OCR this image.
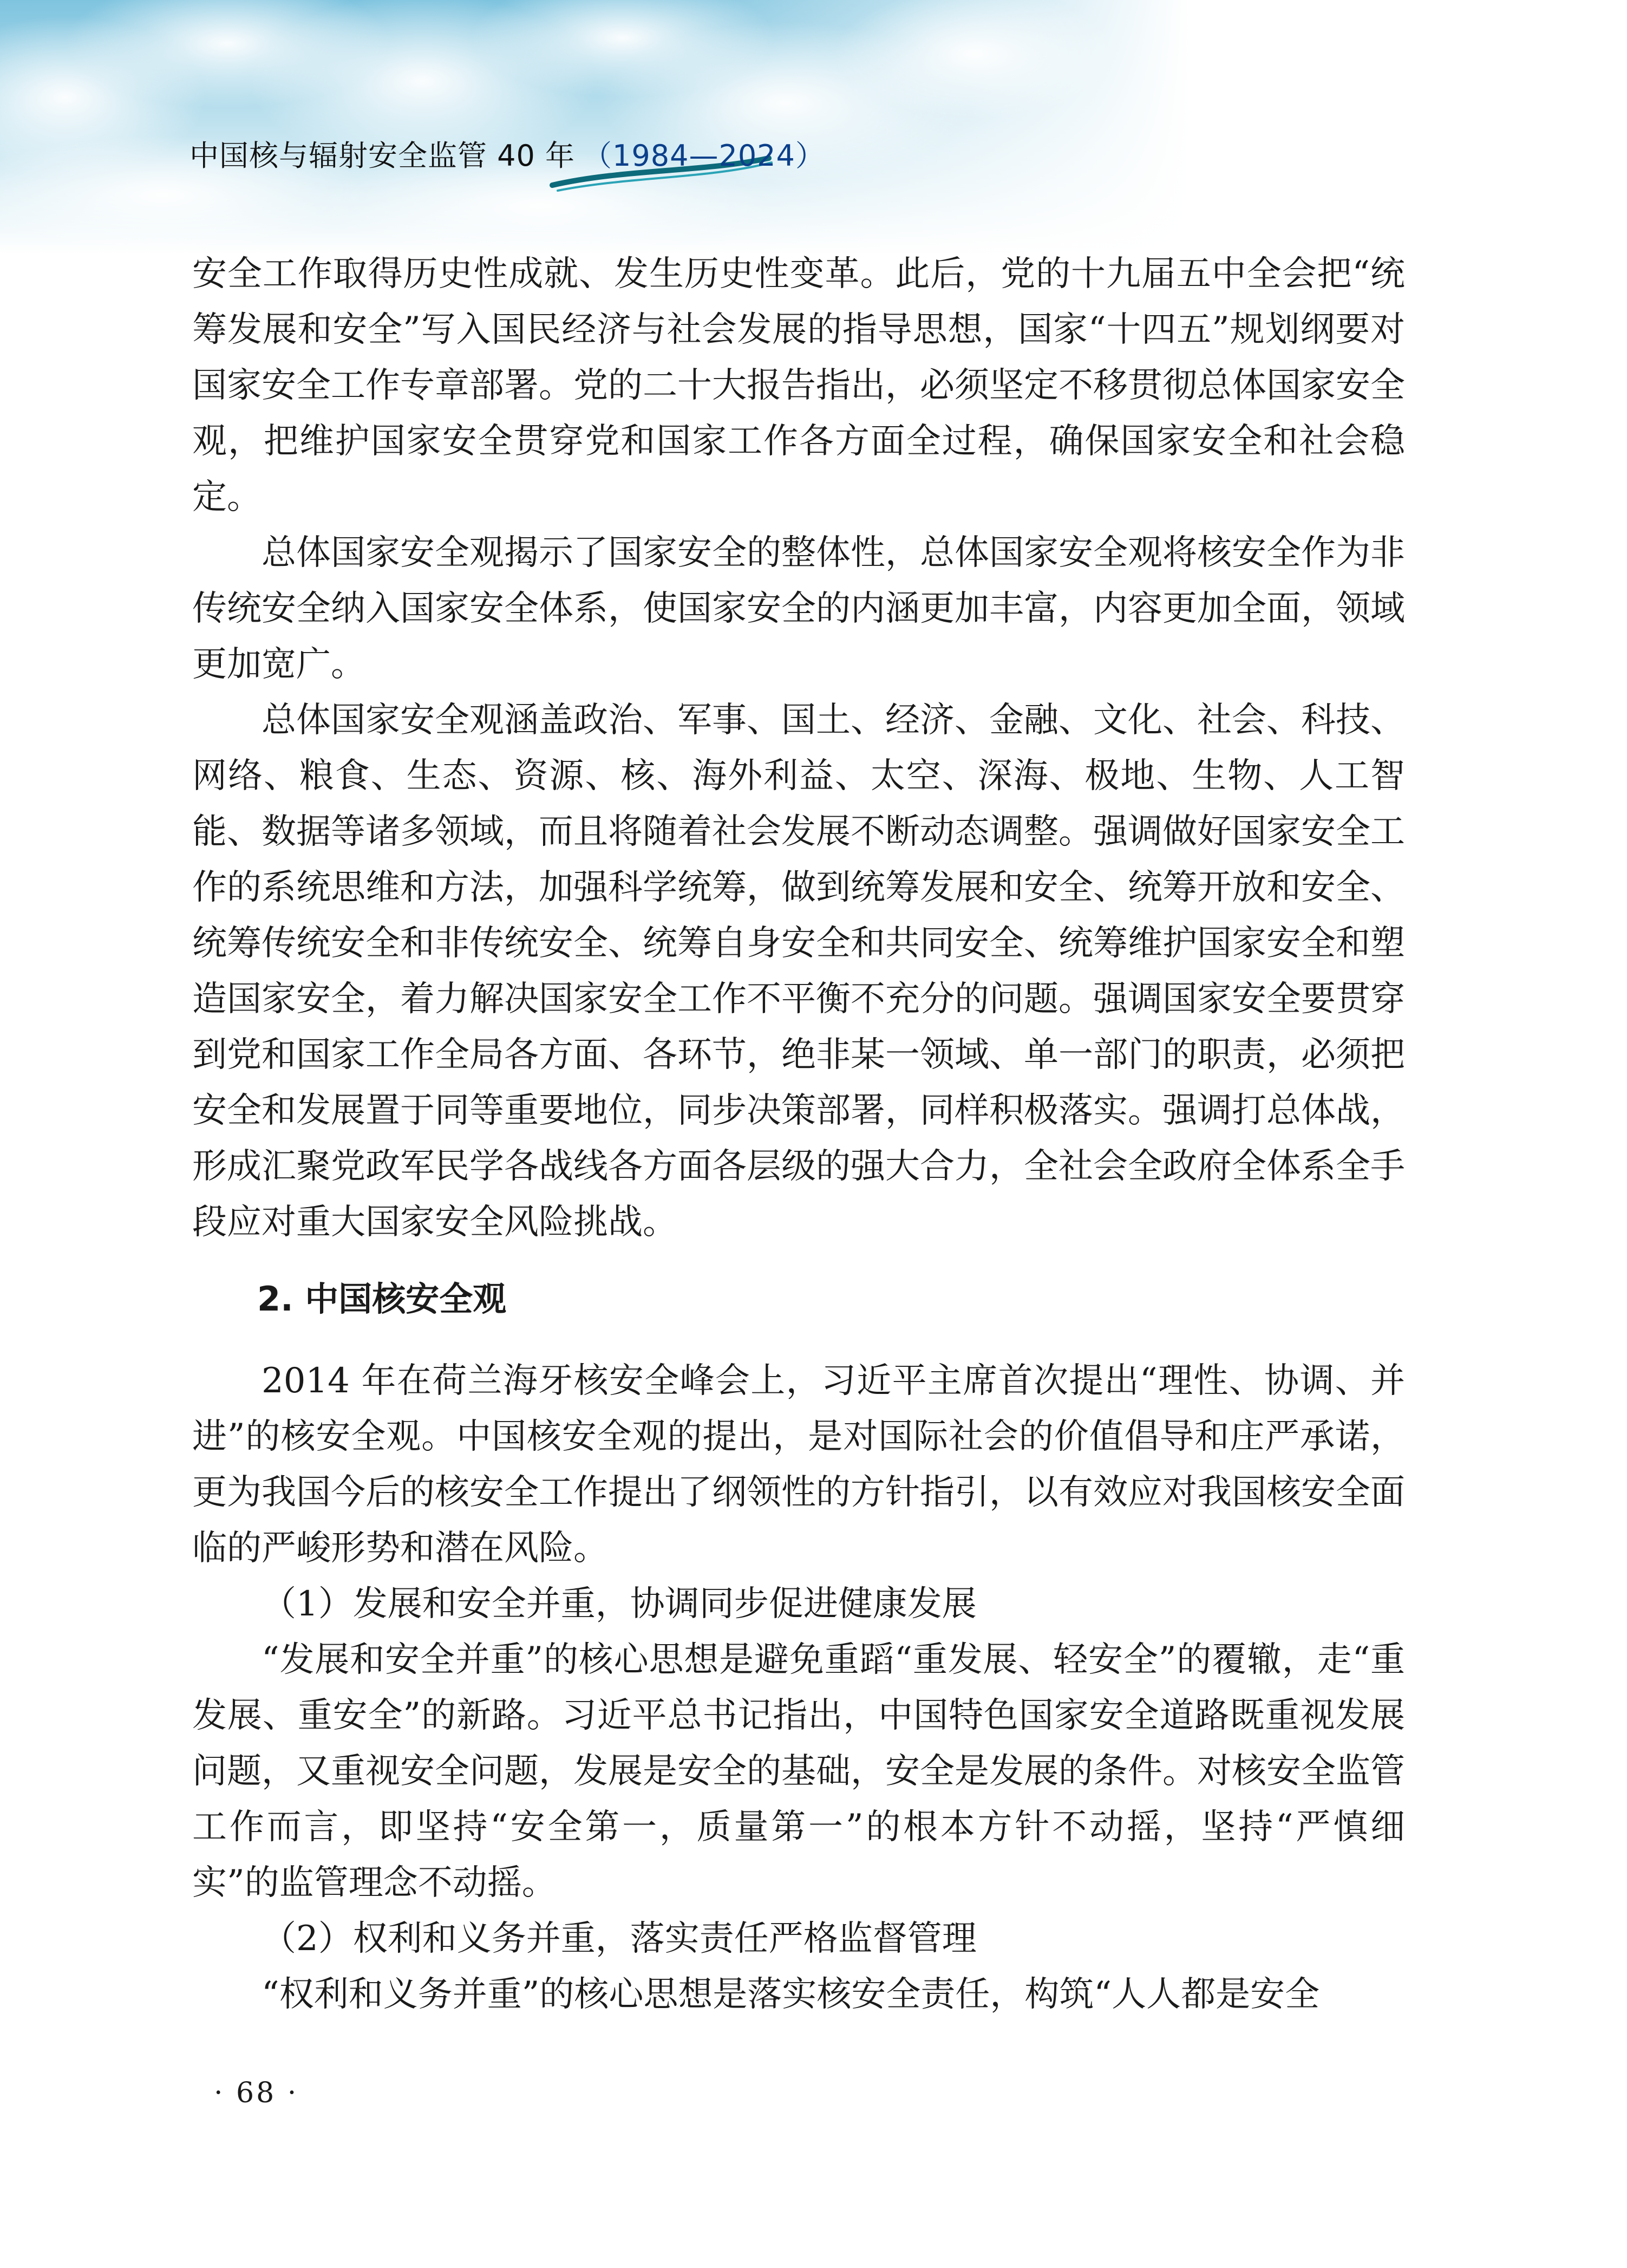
中国核与辐射安全监管 40 年 （1984—2024）

安全工作取得历史性成就、发生历史性变革。此后，党的十九届五中全会把“统筹发展和安全”写入国民经济与社会发展的指导思想，国家“十四五”规划纲要对国家安全工作专章部署。党的二十大报告指出，必须坚定不移贯彻总体国家安全观，把维护国家安全贯穿党和国家工作各方面全过程，确保国家安全和社会稳定。

总体国家安全观揭示了国家安全的整体性，总体国家安全观将核安全作为非传统安全纳入国家安全体系，使国家安全的内涵更加丰富，内容更加全面，领域更加宽广。

总体国家安全观涵盖政治、军事、国土、经济、金融、文化、社会、科技、网络、粮食、生态、资源、核、海外利益、太空、深海、极地、生物、人工智能、数据等诸多领域，而且将随着社会发展不断动态调整。强调做好国家安全工作的系统思维和方法，加强科学统筹，做到统筹发展和安全、统筹开放和安全、统筹传统安全和非传统安全、统筹自身安全和共同安全、统筹维护国家安全和塑造国家安全，着力解决国家安全工作不平衡不充分的问题。强调国家安全要贯穿到党和国家工作全局各方面、各环节，绝非某一领域、单一部门的职责，必须把安全和发展置于同等重要地位，同步决策部署，同样积极落实。强调打总体战，形成汇聚党政军民学各战线各方面各层级的强大合力，全社会全政府全体系全手段应对重大国家安全风险挑战。

2. 中国核安全观

2014 年在荷兰海牙核安全峰会上，习近平主席首次提出“理性、协调、并进”的核安全观。中国核安全观的提出，是对国际社会的价值倡导和庄严承诺，更为我国今后的核安全工作提出了纲领性的方针指引，以有效应对我国核安全面临的严峻形势和潜在风险。

（1）发展和安全并重，协调同步促进健康发展

“发展和安全并重”的核心思想是避免重蹈“重发展、轻安全”的覆辙，走“重发展、重安全”的新路。习近平总书记指出，中国特色国家安全道路既重视发展问题，又重视安全问题，发展是安全的基础，安全是发展的条件。对核安全监管工作而言，即坚持“安全第一，质量第一”的根本方针不动摇，坚持“严慎细实”的监管理念不动摇。

（2）权利和义务并重，落实责任严格监督管理

“权利和义务并重”的核心思想是落实核安全责任，构筑“人人都是安全

· 68 ·
